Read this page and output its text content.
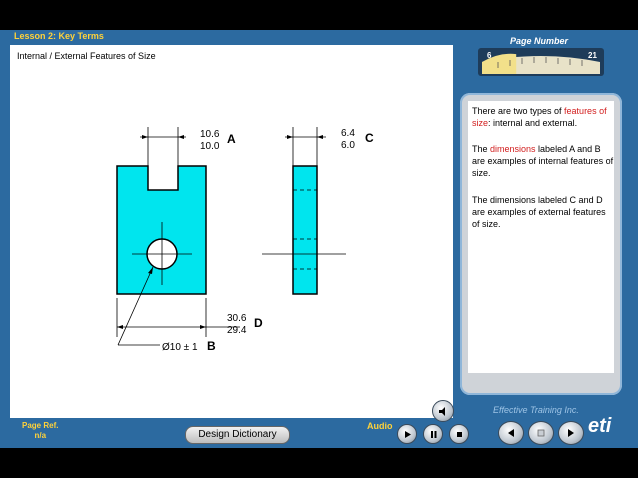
Lesson 2: Key Terms
Internal / External Features of Size
10.6
10.0
A
30.6
29.4
D
Ø10 ± 1 B
6.4
6.0
C
Page Number
6	21
There are two types of features of size: internal and external.
The dimensions labeled A and B are examples of internal features of size.
The dimensions labeled C and D are examples of external features of size.
Page Ref.
n/a	Design Dictionary
Audio
Effective Training Inc.
eti
